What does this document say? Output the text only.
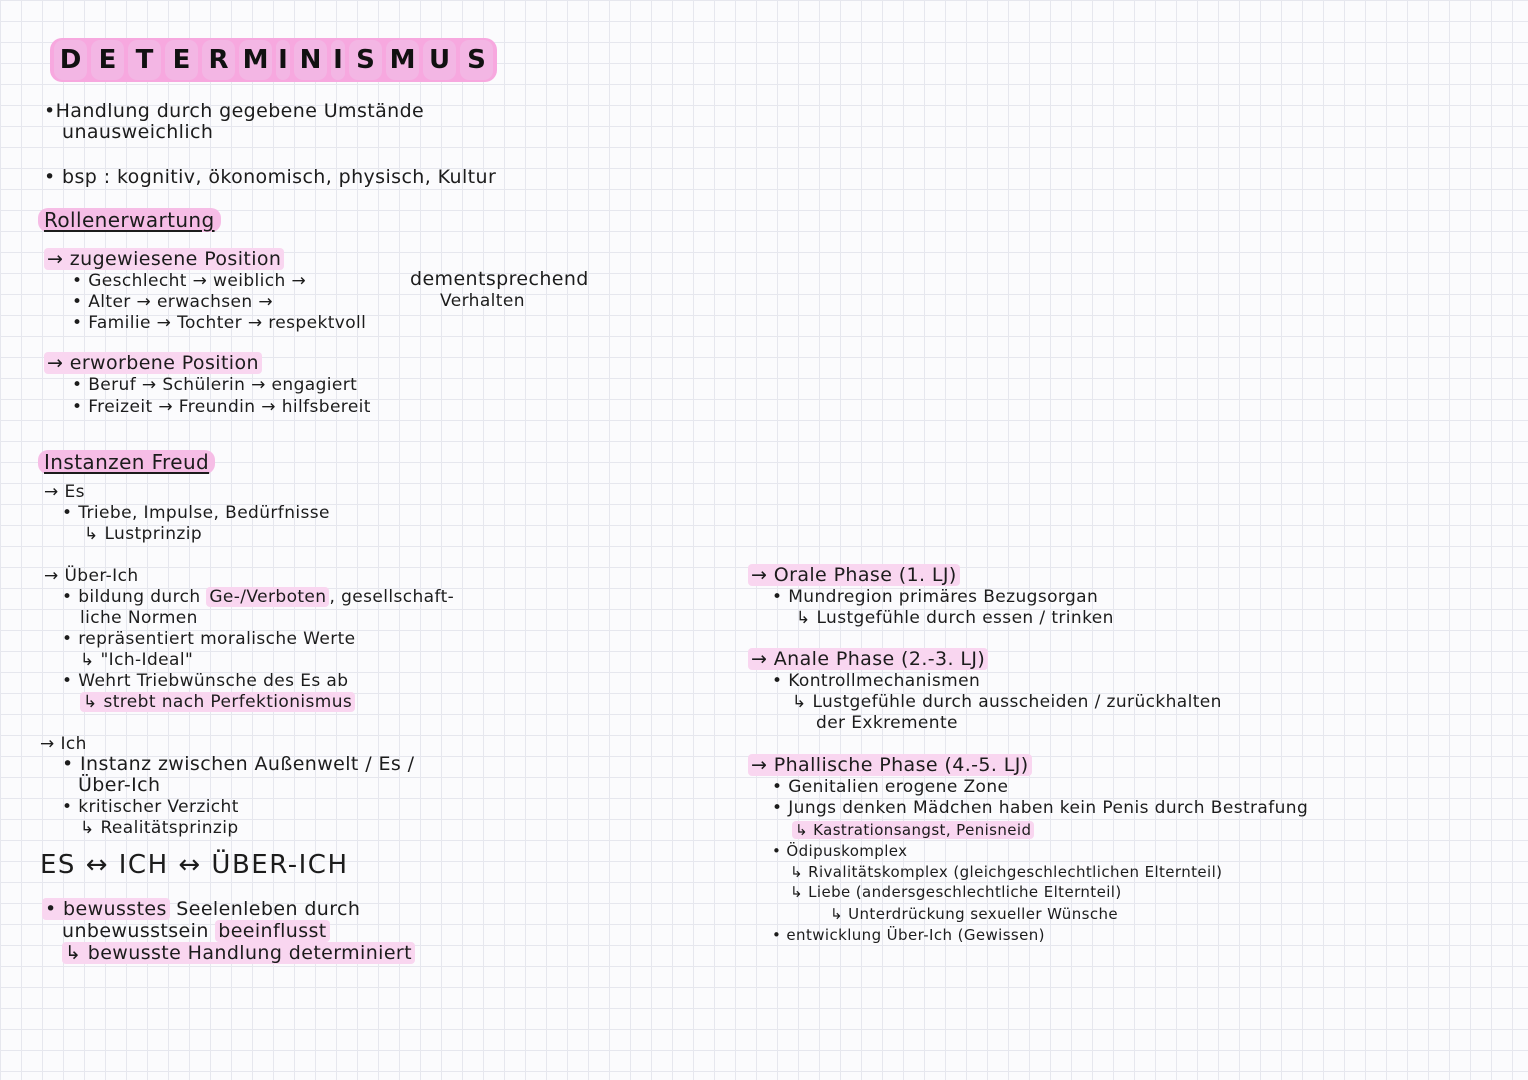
D E T E R M I N I S M U S
•Handlung durch gegebene Umstände
unausweichlich
• bsp : kognitiv, ökonomisch, physisch, Kultur
Rollenerwartung
→ zugewiesene Position
• Geschlecht → weiblich →
• Alter → erwachsen →
• Familie → Tochter → respektvoll
dementsprechend
Verhalten
→ erworbene Position
• Beruf → Schülerin → engagiert
• Freizeit → Freundin → hilfsbereit
Instanzen Freud
→ Es
• Triebe, Impulse, Bedürfnisse
↳ Lustprinzip
→ Über-Ich
• bildung durch Ge-/Verboten , gesellschaft-
liche Normen
• repräsentiert moralische Werte
↳ "Ich-Ideal"
• Wehrt Triebwünsche des Es ab
↳ strebt nach Perfektionismus
→ Ich
• Instanz zwischen Außenwelt / Es /
Über-Ich
• kritischer Verzicht
↳ Realitätsprinzip
ES ↔ ICH ↔ ÜBER-ICH
• bewusstes Seelenleben durch
unbewusstsein beeinflusst
↳ bewusste Handlung determiniert
→ Orale Phase (1. LJ)
• Mundregion primäres Bezugsorgan
↳ Lustgefühle durch essen / trinken
→ Anale Phase (2.-3. LJ)
• Kontrollmechanismen
↳ Lustgefühle durch ausscheiden / zurückhalten
der Exkremente
→ Phallische Phase (4.-5. LJ)
• Genitalien erogene Zone
• Jungs denken Mädchen haben kein Penis durch Bestrafung
↳ Kastrationsangst, Penisneid
• Ödipuskomplex
↳ Rivalitätskomplex (gleichgeschlechtlichen Elternteil)
↳ Liebe (andersgeschlechtliche Elternteil)
↳ Unterdrückung sexueller Wünsche
• entwicklung Über-Ich (Gewissen)
